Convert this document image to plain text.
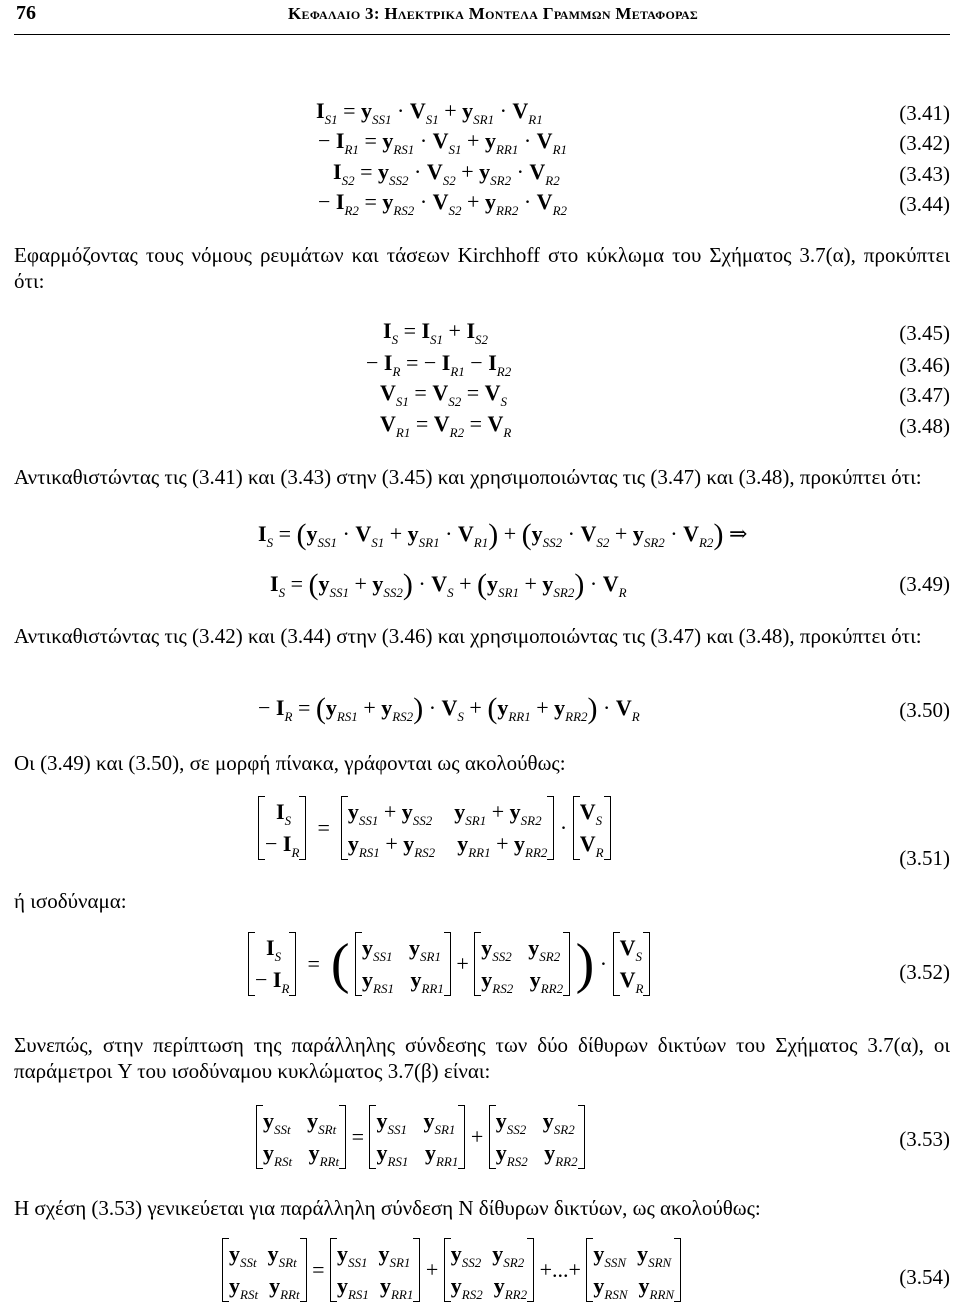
76	Κεφαλαιο 3: Ηλεκτρικα Μοντελα Γραμμων Μεταφορας
$I_{S1} = y_{SS1} \cdot V_{S1} + y_{SR1} \cdot V_{R1}$	(3.41)
− $I_{R1} = y_{RS1} \cdot V_{S1} + y_{RR1} \cdot V_{R1}$	(3.42)
$I_{S2} = y_{SS2} \cdot V_{S2} + y_{SR2} \cdot V_{R2}$	(3.43)
− $I_{R2} = y_{RS2} \cdot V_{S2} + y_{RR2} \cdot V_{R2}$	(3.44)
Εφαρμόζοντας τους νόμους ρευμάτων και τάσεων Kirchhoff στο κύκλωμα του Σχήματος 3.7(α), προκύπτει ότι:
$I_S = I_{S1} + I_{S2}$	(3.45)
− $I_R$ = − $I_{R1} - I_{R2}$	(3.46)
$V_{S1} = V_{S2} = V_S$	(3.47)
$V_{R1} = V_{R2} = V_R$	(3.48)
Αντικαθιστώντας τις (3.41) και (3.43) στην (3.45) και χρησιμοποιώντας τις (3.47) και (3.48), προκύπτει ότι:
$I_S = (y_{SS1} \cdot V_{S1} + y_{SR1} \cdot V_{R1}) + (y_{SS2} \cdot V_{S2} + y_{SR2} \cdot V_{R2})$ ⇒
$I_S = (y_{SS1} + y_{SS2}) \cdot V_S + (y_{SR1} + y_{SR2}) \cdot V_R$	(3.49)
Αντικαθιστώντας τις (3.42) και (3.44) στην (3.46) και χρησιμοποιώντας τις (3.47) και (3.48), προκύπτει ότι:
− $I_R = (y_{RS1} + y_{RS2}) \cdot V_S + (y_{RR1} + y_{RR2}) \cdot V_R$	(3.50)
Οι (3.49) και (3.50), σε μορφή πίνακα, γράφονται ως ακολούθως:
$I_S$
− $I_R$
=
$y_{SS1} + y_{SS2}$ $y_{SR1} + y_{SR2}$
$y_{RS1} + y_{RS2}$ $y_{RR1} + y_{RR2}$
·
$V_S$
$V_R$	(3.51)
ή ισοδύναμα:
$I_S$
− $I_R$
=  ( $y_{SS1}$ $y_{SR1}$
$y_{RS1}$ $y_{RR1}$
+
$y_{SS2}$ $y_{SR2}$
$y_{RS2}$ $y_{RR2}$ ) ·
$V_S$
$V_R$
(3.52)
Συνεπώς, στην περίπτωση της παράλληλης σύνδεσης των δύο δίθυρων δικτύων του Σχήματος 3.7(α), οι παράμετροι Y του ισοδύναμου κυκλώματος 3.7(β) είναι:
$y_{SSt}$ $y_{SRt}$
$y_{RSt}$ $y_{RRt}$
=
$y_{SS1}$ $y_{SR1}$
$y_{RS1}$ $y_{RR1}$
+
$y_{SS2}$ $y_{SR2}$
$y_{RS2}$ $y_{RR2}$
(3.53)
Η σχέση (3.53) γενικεύεται για παράλληλη σύνδεση N δίθυρων δικτύων, ως ακολούθως:
$y_{SSt}$ $y_{SRt}$
$y_{RSt}$ $y_{RRt}$
=
$y_{SS1}$ $y_{SR1}$
$y_{RS1}$ $y_{RR1}$
+
$y_{SS2}$ $y_{SR2}$
$y_{RS2}$ $y_{RR2}$
+...+
$y_{SSN}$ $y_{SRN}$
$y_{RSN}$ $y_{RRN}$
(3.54)
